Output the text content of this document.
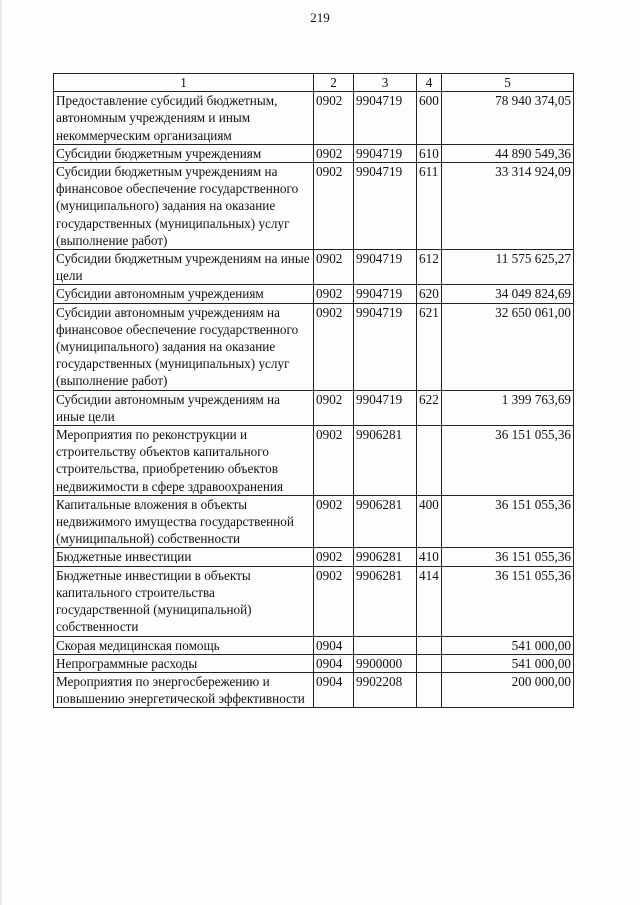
219
1	2	3	4	5
Предоставление субсидий бюджетным, автономным учреждениям и иным некоммерческим организациям	0902	9904719	600	78 940 374,05
Субсидии бюджетным учреждениям	0902	9904719	610	44 890 549,36
Субсидии бюджетным учреждениям на финансовое обеспечение государственного (муниципального) задания на оказание государственных (муниципальных) услуг (выполнение работ)	0902	9904719	611	33 314 924,09
Субсидии бюджетным учреждениям на иные цели	0902	9904719	612	11 575 625,27
Субсидии автономным учреждениям	0902	9904719	620	34 049 824,69
Субсидии автономным учреждениям на финансовое обеспечение государственного (муниципального) задания на оказание государственных (муниципальных) услуг (выполнение работ)	0902	9904719	621	32 650 061,00
Субсидии автономным учреждениям на иные цели	0902	9904719	622	1 399 763,69
Мероприятия по реконструкции и строительству объектов капитального строительства, приобретению объектов недвижимости в сфере здравоохранения	0902	9906281		36 151 055,36
Капитальные вложения в объекты недвижимого имущества государственной (муниципальной) собственности	0902	9906281	400	36 151 055,36
Бюджетные инвестиции	0902	9906281	410	36 151 055,36
Бюджетные инвестиции в объекты капитального строительства государственной (муниципальной) собственности	0902	9906281	414	36 151 055,36
Скорая медицинская помощь	0904			541 000,00
Непрограммные расходы	0904	9900000		541 000,00
Мероприятия по энергосбережению и повышению энергетической эффективности	0904	9902208		200 000,00
